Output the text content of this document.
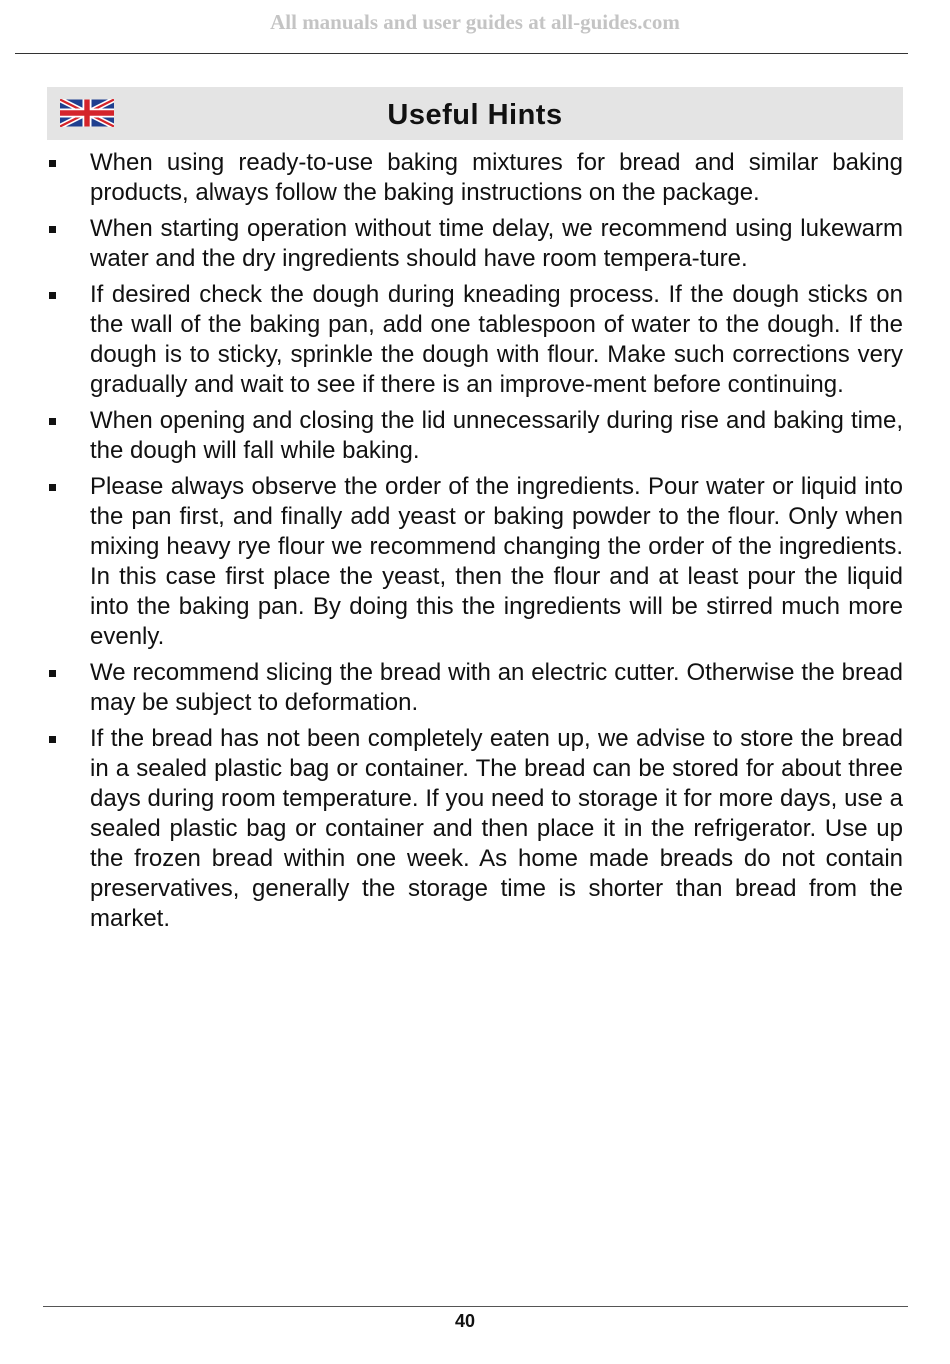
All manuals and user guides at all-guides.com
Useful Hints
When using ready-to-use baking mixtures for bread and similar baking products, always follow the baking instructions on the package.
When starting operation without time delay, we recommend using lukewarm water and the dry ingredients should have room tempera-ture.
If desired check the dough during kneading process. If the dough sticks on the wall of the baking pan, add one tablespoon of water to the dough. If the dough is to sticky, sprinkle the dough with flour. Make such corrections very gradually and wait to see if there is an improve-ment before continuing.
When opening and closing the lid unnecessarily during rise and baking time, the dough will fall while baking.
Please always observe the order of the ingredients. Pour water or liquid into the pan first, and finally add yeast or baking powder to the flour. Only when mixing heavy rye flour we recommend changing the order of the ingredients. In this case first place the yeast, then the flour and at least pour the liquid into the baking pan. By doing this the ingredients will be stirred much more evenly.
We recommend slicing the bread with an electric cutter. Otherwise the bread may be subject to deformation.
If the bread has not been completely eaten up, we advise to store the bread in a sealed plastic bag or container. The bread can be stored for about three days during room temperature. If you need to storage it for more days, use a sealed plastic bag or container and then place it in the refrigerator. Use up the frozen bread within one week. As home made breads do not contain preservatives, generally the storage time is shorter than bread from the market.
40
